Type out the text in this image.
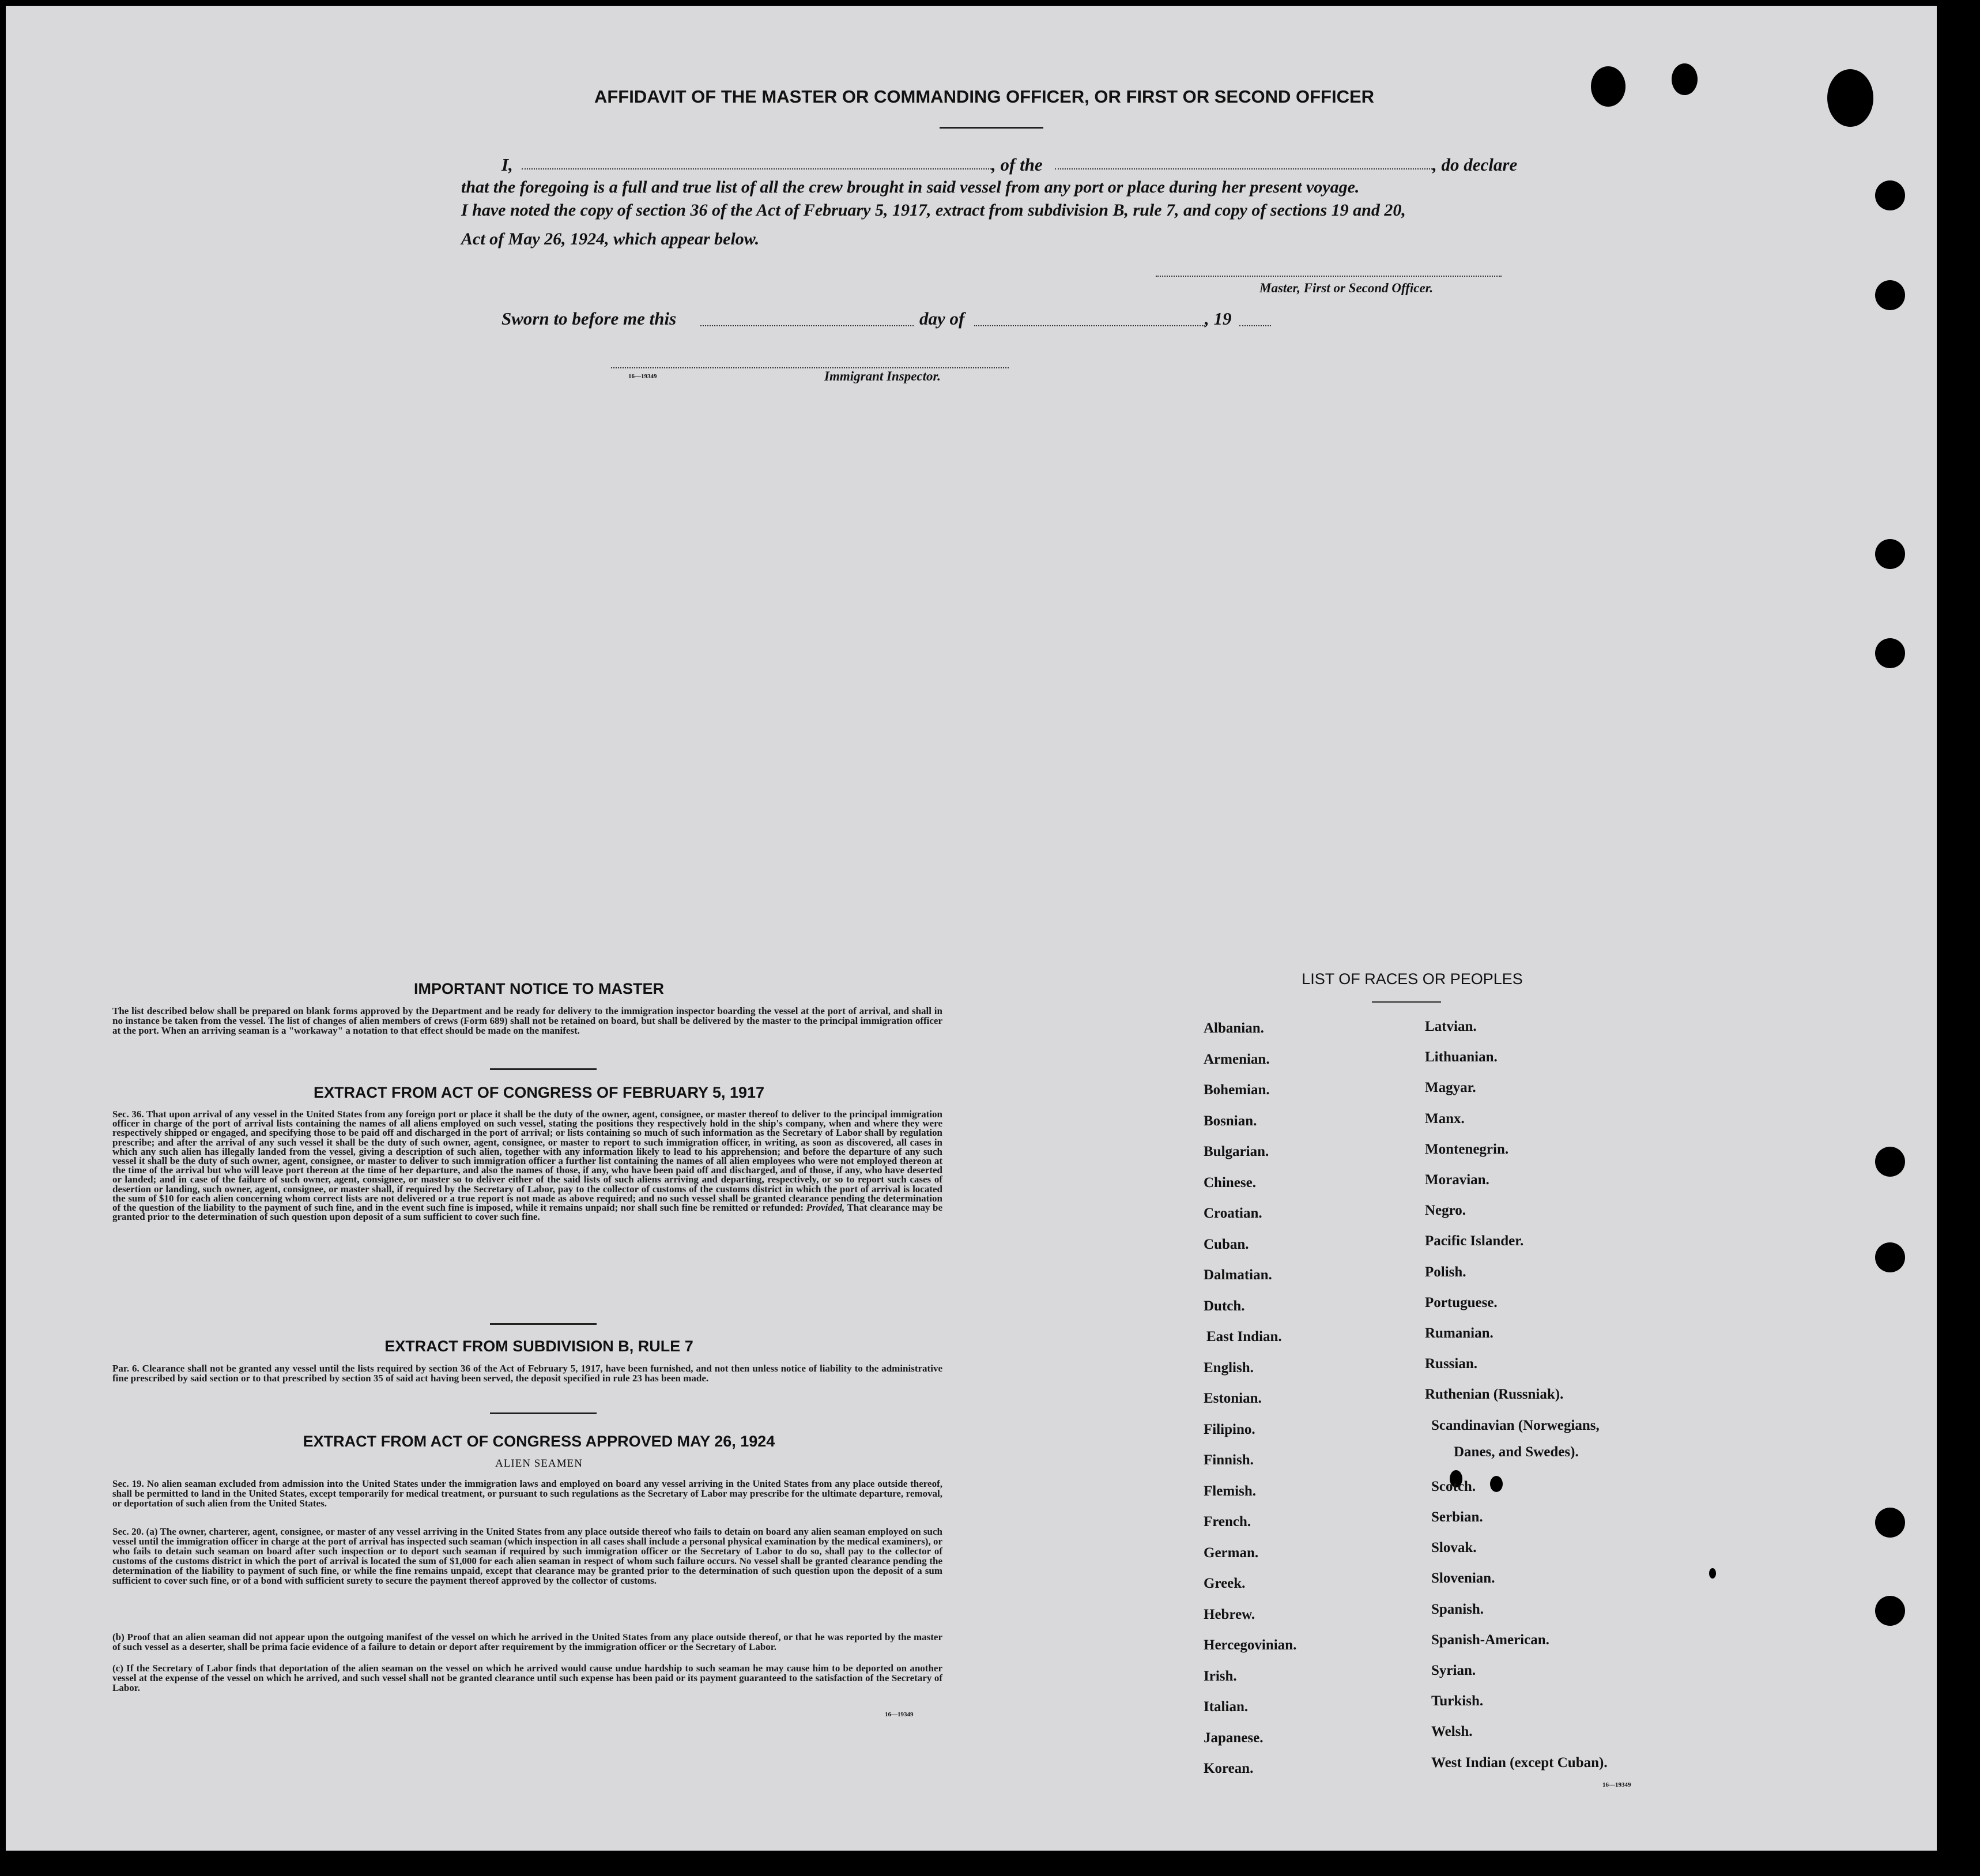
AFFIDAVIT OF THE MASTER OR COMMANDING OFFICER, OR FIRST OR SECOND OFFICER
I,	, of the	, do declare
that the foregoing is a full and true list of all the crew brought in said vessel from any port or place during her present voyage.
I have noted the copy of section 36 of the Act of February 5, 1917, extract from subdivision B, rule 7, and copy of sections 19 and 20,
Act of May 26, 1924, which appear below.
Master, First or Second Officer.
Sworn to before me this	day of	, 19
16—19349	Immigrant Inspector.
IMPORTANT NOTICE TO MASTER
The list described below shall be prepared on blank forms approved by the Department and be ready for delivery to the immigration inspector boarding the vessel at the port of arrival, and shall in no instance be taken from the vessel. The list of changes of alien members of crews (Form 689) shall not be retained on board, but shall be delivered by the master to the principal immigration officer at the port. When an arriving seaman is a "workaway" a notation to that effect should be made on the manifest.
EXTRACT FROM ACT OF CONGRESS OF FEBRUARY 5, 1917
Sec. 36. That upon arrival of any vessel in the United States from any foreign port or place it shall be the duty of the owner, agent, consignee, or master thereof to deliver to the principal immigration officer in charge of the port of arrival lists containing the names of all aliens employed on such vessel, stating the positions they respectively hold in the ship's company, when and where they were respectively shipped or engaged, and specifying those to be paid off and discharged in the port of arrival; or lists containing so much of such information as the Secretary of Labor shall by regulation prescribe; and after the arrival of any such vessel it shall be the duty of such owner, agent, consignee, or master to report to such immigration officer, in writing, as soon as discovered, all cases in which any such alien has illegally landed from the vessel, giving a description of such alien, together with any information likely to lead to his apprehension; and before the departure of any such vessel it shall be the duty of such owner, agent, consignee, or master to deliver to such immigration officer a further list containing the names of all alien employees who were not employed thereon at the time of the arrival but who will leave port thereon at the time of her departure, and also the names of those, if any, who have been paid off and discharged, and of those, if any, who have deserted or landed; and in case of the failure of such owner, agent, consignee, or master so to deliver either of the said lists of such aliens arriving and departing, respectively, or so to report such cases of desertion or landing, such owner, agent, consignee, or master shall, if required by the Secretary of Labor, pay to the collector of customs of the customs district in which the port of arrival is located the sum of $10 for each alien concerning whom correct lists are not delivered or a true report is not made as above required; and no such vessel shall be granted clearance pending the determination of the question of the liability to the payment of such fine, and in the event such fine is imposed, while it remains unpaid; nor shall such fine be remitted or refunded: Provided, That clearance may be granted prior to the determination of such question upon deposit of a sum sufficient to cover such fine.
EXTRACT FROM SUBDIVISION B, RULE 7
Par. 6. Clearance shall not be granted any vessel until the lists required by section 36 of the Act of February 5, 1917, have been furnished, and not then unless notice of liability to the administrative fine prescribed by said section or to that prescribed by section 35 of said act having been served, the deposit specified in rule 23 has been made.
EXTRACT FROM ACT OF CONGRESS APPROVED MAY 26, 1924
ALIEN SEAMEN
Sec. 19. No alien seaman excluded from admission into the United States under the immigration laws and employed on board any vessel arriving in the United States from any place outside thereof, shall be permitted to land in the United States, except temporarily for medical treatment, or pursuant to such regulations as the Secretary of Labor may prescribe for the ultimate departure, removal, or deportation of such alien from the United States.
Sec. 20. (a) The owner, charterer, agent, consignee, or master of any vessel arriving in the United States from any place outside thereof who fails to detain on board any alien seaman employed on such vessel until the immigration officer in charge at the port of arrival has inspected such seaman (which inspection in all cases shall include a personal physical examination by the medical examiners), or who fails to detain such seaman on board after such inspection or to deport such seaman if required by such immigration officer or the Secretary of Labor to do so, shall pay to the collector of customs of the customs district in which the port of arrival is located the sum of $1,000 for each alien seaman in respect of whom such failure occurs. No vessel shall be granted clearance pending the determination of the liability to payment of such fine, or while the fine remains unpaid, except that clearance may be granted prior to the determination of such question upon the deposit of a sum sufficient to cover such fine, or of a bond with sufficient surety to secure the payment thereof approved by the collector of customs.
(b) Proof that an alien seaman did not appear upon the outgoing manifest of the vessel on which he arrived in the United States from any place outside thereof, or that he was reported by the master of such vessel as a deserter, shall be prima facie evidence of a failure to detain or deport after requirement by the immigration officer or the Secretary of Labor.
(c) If the Secretary of Labor finds that deportation of the alien seaman on the vessel on which he arrived would cause undue hardship to such seaman he may cause him to be deported on another vessel at the expense of the vessel on which he arrived, and such vessel shall not be granted clearance until such expense has been paid or its payment guaranteed to the satisfaction of the Secretary of Labor.
16—19349
LIST OF RACES OR PEOPLES
Albanian.
Armenian.
Bohemian.
Bosnian.
Bulgarian.
Chinese.
Croatian.
Cuban.
Dalmatian.
Dutch.
East Indian.
English.
Estonian.
Filipino.
Finnish.
Flemish.
French.
German.
Greek.
Hebrew.
Hercegovinian.
Irish.
Italian.
Japanese.
Korean.
Latvian.
Lithuanian.
Magyar.
Manx.
Montenegrin.
Moravian.
Negro.
Pacific Islander.
Polish.
Portuguese.
Rumanian.
Russian.
Ruthenian (Russniak).
Scandinavian (Norwegians,
Scotch.
Serbian.
Slovak.
Slovenian.
Spanish.
Spanish-American.
Syrian.
Turkish.
Welsh.
West Indian (except Cuban).
Danes, and Swedes).
16—19349
